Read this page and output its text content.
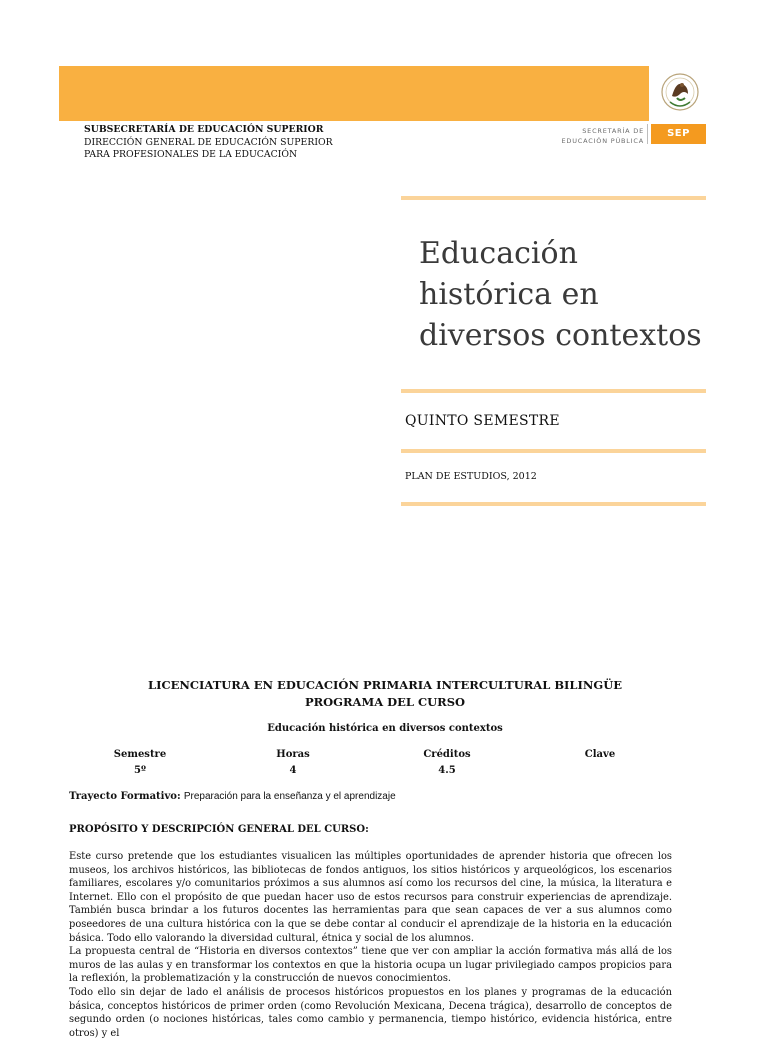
SECRETARÍA DE
EDUCACIÓN PÚBLICA
SEP
SUBSECRETARÍA DE EDUCACIÓN SUPERIOR
DIRECCIÓN GENERAL DE EDUCACIÓN SUPERIOR
PARA PROFESIONALES DE LA EDUCACIÓN
Educación
histórica en
diversos contextos
QUINTO SEMESTRE
PLAN DE ESTUDIOS, 2012
LICENCIATURA EN EDUCACIÓN PRIMARIA INTERCULTURAL BILINGÜE
PROGRAMA DEL CURSO
Educación histórica en diversos contextos
Semestre
5º
Horas
4
Créditos
4.5
Clave
Trayecto Formativo: Preparación para la enseñanza y el aprendizaje
PROPÓSITO Y DESCRIPCIÓN GENERAL DEL CURSO:

Este curso pretende que los estudiantes visualicen las múltiples oportunidades de aprender historia que ofrecen los museos, los archivos históricos, las bibliotecas de fondos antiguos, los sitios históricos y arqueológicos, los escenarios familiares, escolares y/o comunitarios próximos a sus alumnos así como los recursos del cine, la música, la literatura e Internet. Ello con el propósito de que puedan hacer uso de estos recursos para construir experiencias de aprendizaje. También busca brindar a los futuros docentes las herramientas para que sean capaces de ver a sus alumnos como poseedores de una cultura histórica con la que se debe contar al conducir el aprendizaje de la historia en la educación básica. Todo ello valorando la diversidad cultural, étnica y social de los alumnos.

La propuesta central de “Historia en diversos contextos” tiene que ver con ampliar la acción formativa más allá de los muros de las aulas y en transformar los contextos en que la historia ocupa un lugar privilegiado campos propicios para la reflexión, la problematización y la construcción de nuevos conocimientos.

Todo ello sin dejar de lado el análisis de procesos históricos propuestos en los planes y programas de la educación básica, conceptos históricos de primer orden (como Revolución Mexicana, Decena trágica), desarrollo de conceptos de segundo orden (o nociones históricas, tales como cambio y permanencia, tiempo histórico, evidencia histórica, entre otros) y el
